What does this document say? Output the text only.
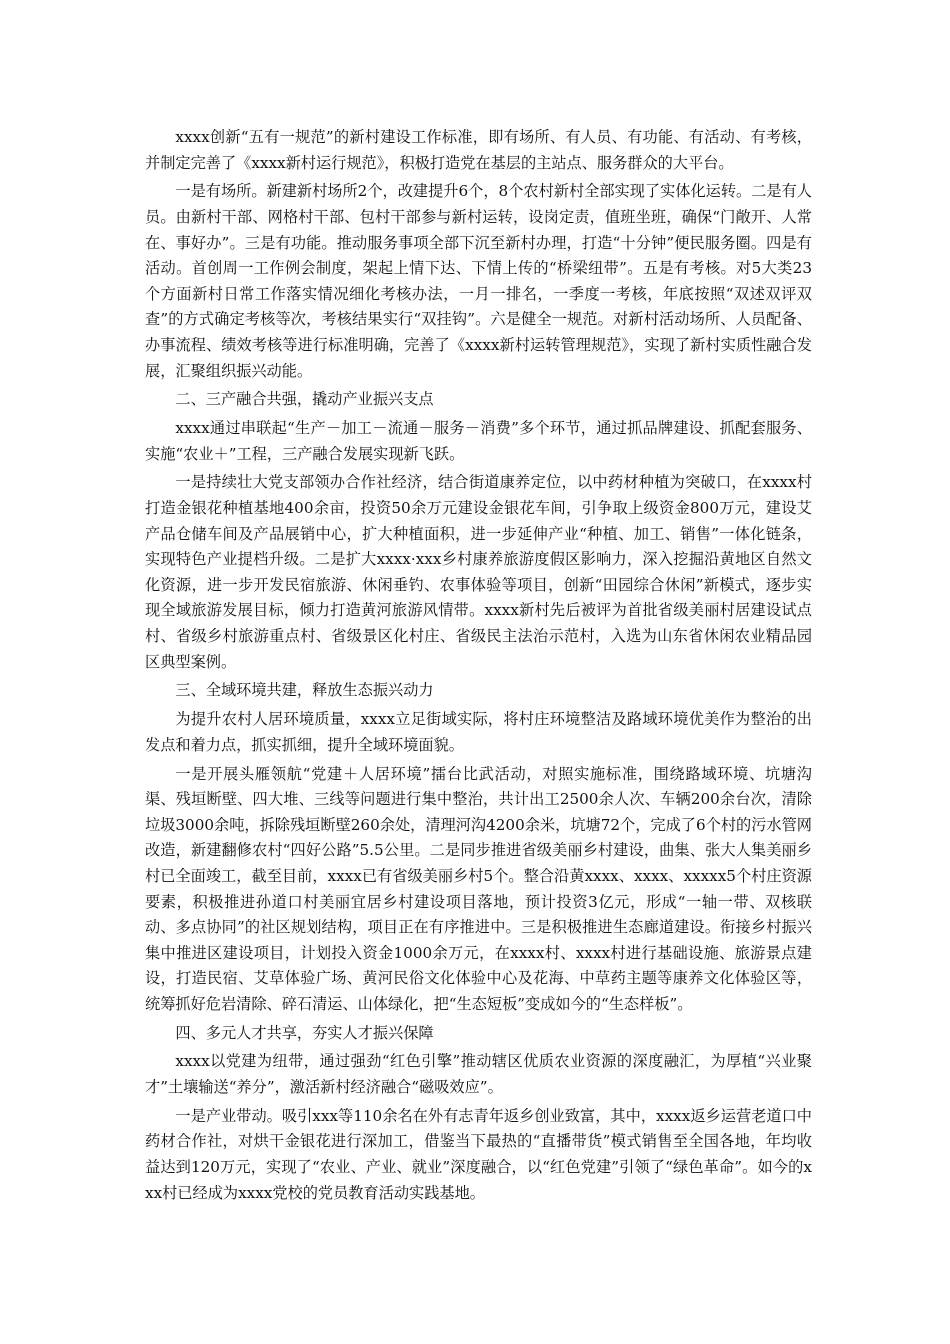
xxxx创新“五有一规范”的新村建设工作标准，即有场所、有人员、有功能、有活动、有考核，并制定完善了《xxxx新村运行规范》，积极打造党在基层的主站点、服务群众的大平台。

一是有场所。新建新村场所2个，改建提升6个，8个农村新村全部实现了实体化运转。二是有人员。由新村干部、网格村干部、包村干部参与新村运转，设岗定责，值班坐班，确保“门敞开、人常在、事好办”。三是有功能。推动服务事项全部下沉至新村办理，打造“十分钟”便民服务圈。四是有活动。首创周一工作例会制度，架起上情下达、下情上传的“桥梁纽带”。五是有考核。对5大类23个方面新村日常工作落实情况细化考核办法，一月一排名，一季度一考核，年底按照“双述双评双查”的方式确定考核等次，考核结果实行“双挂钩”。六是健全一规范。对新村活动场所、人员配备、办事流程、绩效考核等进行标准明确，完善了《xxxx新村运转管理规范》，实现了新村实质性融合发展，汇聚组织振兴动能。

二、三产融合共强，撬动产业振兴支点

xxxx通过串联起“生产－加工－流通－服务－消费”多个环节，通过抓品牌建设、抓配套服务、实施“农业＋”工程，三产融合发展实现新飞跃。

一是持续壮大党支部领办合作社经济，结合街道康养定位，以中药材种植为突破口，在xxxx村打造金银花种植基地400余亩，投资50余万元建设金银花车间，引争取上级资金800万元，建设艾产品仓储车间及产品展销中心，扩大种植面积，进一步延伸产业“种植、加工、销售”一体化链条，实现特色产业提档升级。二是扩大xxxx·xxx乡村康养旅游度假区影响力，深入挖掘沿黄地区自然文化资源，进一步开发民宿旅游、休闲垂钓、农事体验等项目，创新“田园综合休闲”新模式，逐步实现全域旅游发展目标，倾力打造黄河旅游风情带。xxxx新村先后被评为首批省级美丽村居建设试点村、省级乡村旅游重点村、省级景区化村庄、省级民主法治示范村，入选为山东省休闲农业精品园区典型案例。

三、全域环境共建，释放生态振兴动力

为提升农村人居环境质量，xxxx立足街域实际，将村庄环境整洁及路域环境优美作为整治的出发点和着力点，抓实抓细，提升全域环境面貌。

一是开展头雁领航“党建＋人居环境”擂台比武活动，对照实施标准，围绕路域环境、坑塘沟渠、残垣断壁、四大堆、三线等问题进行集中整治，共计出工2500余人次、车辆200余台次，清除垃圾3000余吨，拆除残垣断壁260余处，清理河沟4200余米，坑塘72个，完成了6个村的污水管网改造，新建翻修农村“四好公路”5.5公里。二是同步推进省级美丽乡村建设，曲集、张大人集美丽乡村已全面竣工，截至目前，xxxx已有省级美丽乡村5个。整合沿黄xxxx、xxxx、xxxxx5个村庄资源要素，积极推进孙道口村美丽宜居乡村建设项目落地，预计投资3亿元，形成“一轴一带、双核联动、多点协同”的社区规划结构，项目正在有序推进中。三是积极推进生态廊道建设。衔接乡村振兴集中推进区建设项目，计划投入资金1000余万元，在xxxx村、xxxx村进行基础设施、旅游景点建设，打造民宿、艾草体验广场、黄河民俗文化体验中心及花海、中草药主题等康养文化体验区等，统筹抓好危岩清除、碎石清运、山体绿化，把“生态短板”变成如今的“生态样板”。

四、多元人才共享，夯实人才振兴保障

xxxx以党建为纽带，通过强劲“红色引擎”推动辖区优质农业资源的深度融汇，为厚植“兴业聚才”土壤输送“养分”，激活新村经济融合“磁吸效应”。

一是产业带动。吸引xxx等110余名在外有志青年返乡创业致富，其中，xxxx返乡运营老道口中药材合作社，对烘干金银花进行深加工，借鉴当下最热的“直播带货”模式销售至全国各地，年均收益达到120万元，实现了“农业、产业、就业”深度融合，以“红色党建”引领了“绿色革命”。如今的xxx村已经成为xxxx党校的党员教育活动实践基地。
